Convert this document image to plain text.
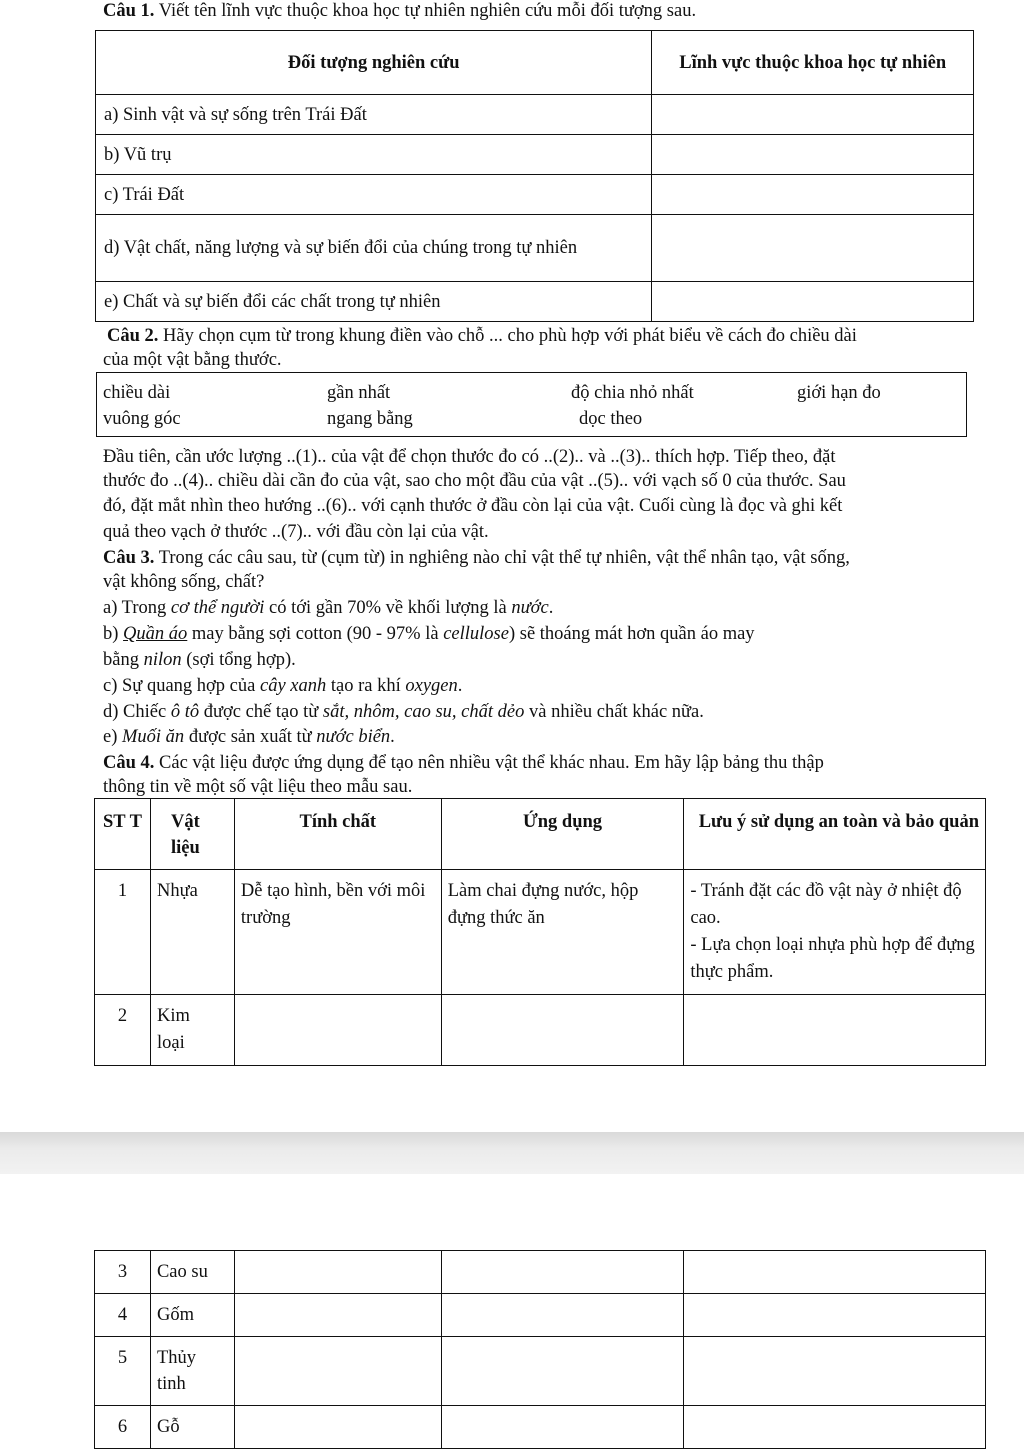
Câu 1. Viết tên lĩnh vực thuộc khoa học tự nhiên nghiên cứu mỗi đối tượng sau.
Đối tượng nghiên cứu	Lĩnh vực thuộc khoa học tự nhiên
a) Sinh vật và sự sống trên Trái Đất	
b) Vũ trụ	
c) Trái Đất	
d) Vật chất, năng lượng và sự biến đổi của chúng trong tự nhiên	
e) Chất và sự biến đổi các chất trong tự nhiên	
Câu 2. Hãy chọn cụm từ trong khung điền vào chỗ ... cho phù hợp với phát biểu về cách đo chiều dài
của một vật bằng thước.
chiều dài	gần nhất	độ chia nhỏ nhất	giới hạn đo
vuông góc	ngang bằng	dọc theo
Đầu tiên, cần ước lượng ..(1).. của vật để chọn thước đo có ..(2).. và ..(3).. thích hợp. Tiếp theo, đặt
thước đo ..(4).. chiều dài cần đo của vật, sao cho một đầu của vật ..(5).. với vạch số 0 của thước. Sau
đó, đặt mắt nhìn theo hướng ..(6).. với cạnh thước ở đầu còn lại của vật. Cuối cùng là đọc và ghi kết
quả theo vạch ở thước ..(7).. với đầu còn lại của vật.
Câu 3. Trong các câu sau, từ (cụm từ) in nghiêng nào chỉ vật thể tự nhiên, vật thể nhân tạo, vật sống,
vật không sống, chất?
a) Trong cơ thể người có tới gần 70% về khối lượng là nước.
b) Quần áo may bằng sợi cotton (90 - 97% là cellulose) sẽ thoáng mát hơn quần áo may
bằng nilon (sợi tổng hợp).
c) Sự quang hợp của cây xanh tạo ra khí oxygen.
d) Chiếc ô tô được chế tạo từ sắt, nhôm, cao su, chất dẻo và nhiều chất khác nữa.
e) Muối ăn được sản xuất từ nước biển.
Câu 4. Các vật liệu được ứng dụng để tạo nên nhiều vật thể khác nhau. Em hãy lập bảng thu thập
thông tin về một số vật liệu theo mẫu sau.
ST T	Vật liệu	Tính chất	Ứng dụng	Lưu ý sử dụng an toàn và bảo quản
1	Nhựa	Dễ tạo hình, bền với môi trường	Làm chai đựng nước, hộp đựng thức ăn	- Tránh đặt các đồ vật này ở nhiệt độ cao.
- Lựa chọn loại nhựa phù hợp để đựng thực phẩm.

2	Kim loại			
3	Cao su			
4	Gốm			
5	Thủy tinh			
6	Gỗ			
